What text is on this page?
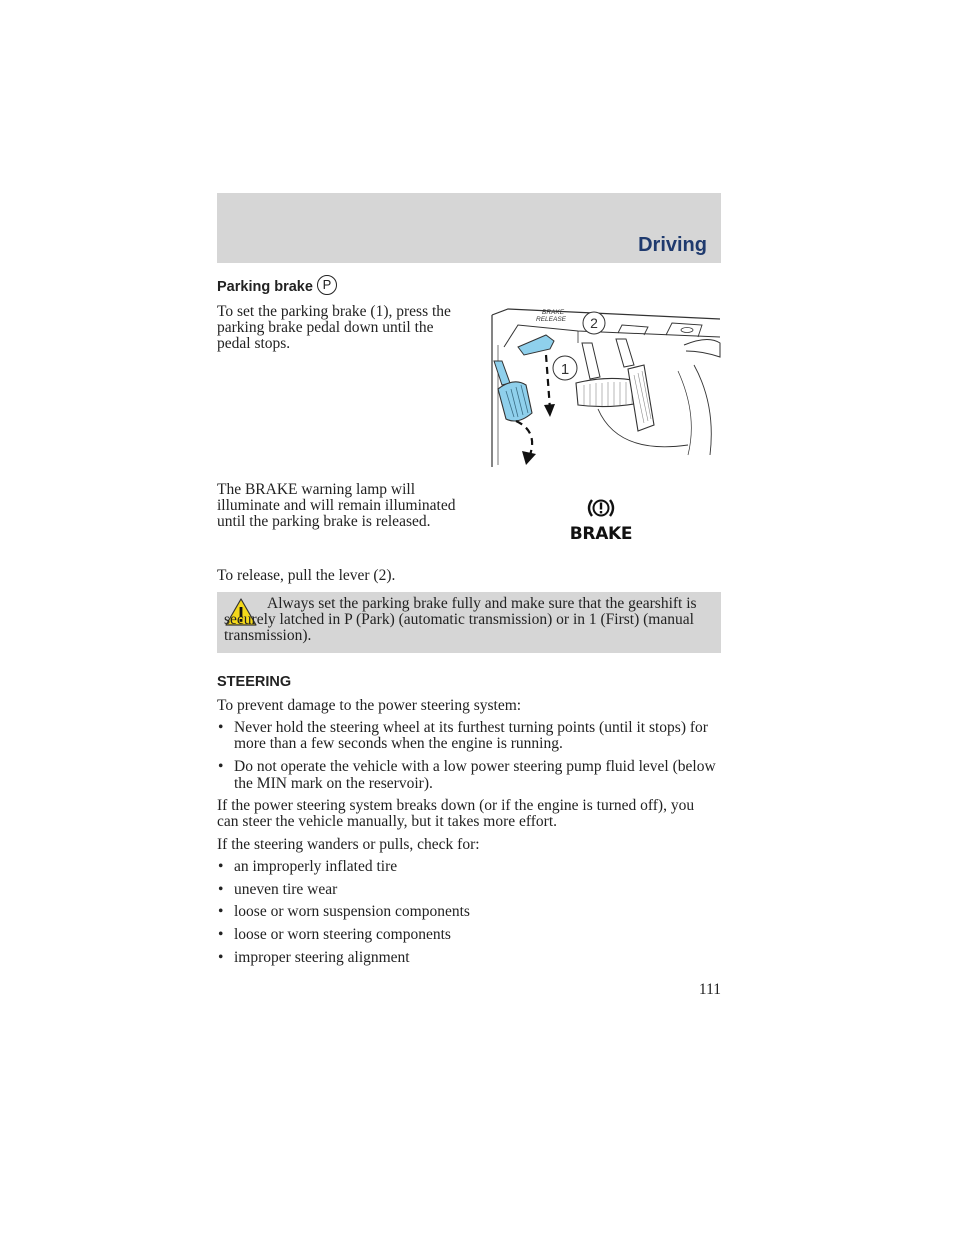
Driving
Parking brake P
To set the parking brake (1), press the parking brake pedal down until the pedal stops.
BRAKE
RELEASE 2
1
The BRAKE warning lamp will illuminate and will remain illuminated until the parking brake is released.
BRAKE
To release, pull the lever (2).
Always set the parking brake fully and make sure that the gearshift is securely latched in P (Park) (automatic transmission) or in 1 (First) (manual transmission).
STEERING
To prevent damage to the power steering system:
• Never hold the steering wheel at its furthest turning points (until it stops) for more than a few seconds when the engine is running.
• Do not operate the vehicle with a low power steering pump fluid level (below the MIN mark on the reservoir).
If the power steering system breaks down (or if the engine is turned off), you can steer the vehicle manually, but it takes more effort.
If the steering wanders or pulls, check for:
• an improperly inflated tire
• uneven tire wear
• loose or worn suspension components
• loose or worn steering components
• improper steering alignment
111
